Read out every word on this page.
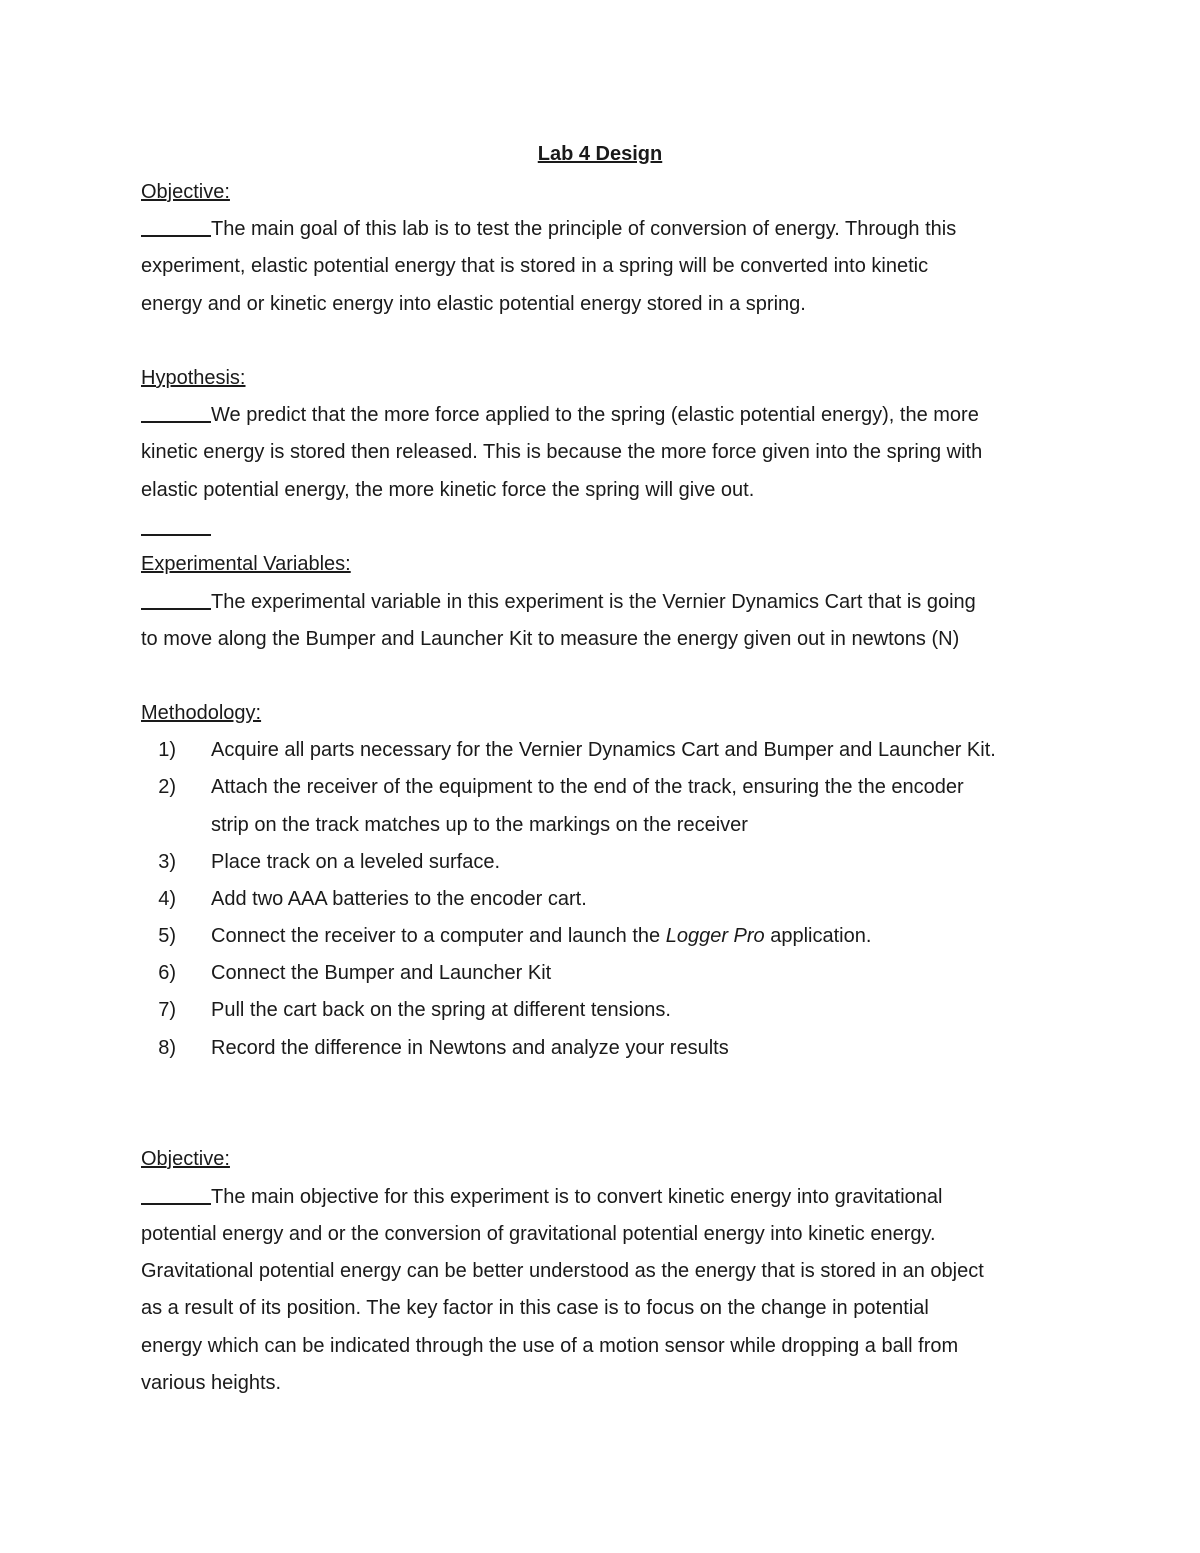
Lab 4 Design
Objective:
The main goal of this lab is to test the principle of conversion of energy. Through this
experiment, elastic potential energy that is stored in a spring will be converted into kinetic
energy and or kinetic energy into elastic potential energy stored in a spring.
Hypothesis:
We predict that the more force applied to the spring (elastic potential energy), the more
kinetic energy is stored then released. This is because the more force given into the spring with
elastic potential energy, the more kinetic force the spring will give out.
Experimental Variables:
The experimental variable in this experiment is the Vernier Dynamics Cart that is going
to move along the Bumper and Launcher Kit to measure the energy given out in newtons (N)
Methodology:
1) Acquire all parts necessary for the Vernier Dynamics Cart and Bumper and Launcher Kit.
2) Attach the receiver of the equipment to the end of the track, ensuring the the encoder
strip on the track matches up to the markings on the receiver
3) Place track on a leveled surface.
4) Add two AAA batteries to the encoder cart.
5) Connect the receiver to a computer and launch the Logger Pro application.
6) Connect the Bumper and Launcher Kit
7) Pull the cart back on the spring at different tensions.
8) Record the difference in Newtons and analyze your results
Objective:
The main objective for this experiment is to convert kinetic energy into gravitational
potential energy and or the conversion of gravitational potential energy into kinetic energy.
Gravitational potential energy can be better understood as the energy that is stored in an object
as a result of its position. The key factor in this case is to focus on the change in potential
energy which can be indicated through the use of a motion sensor while dropping a ball from
various heights.
